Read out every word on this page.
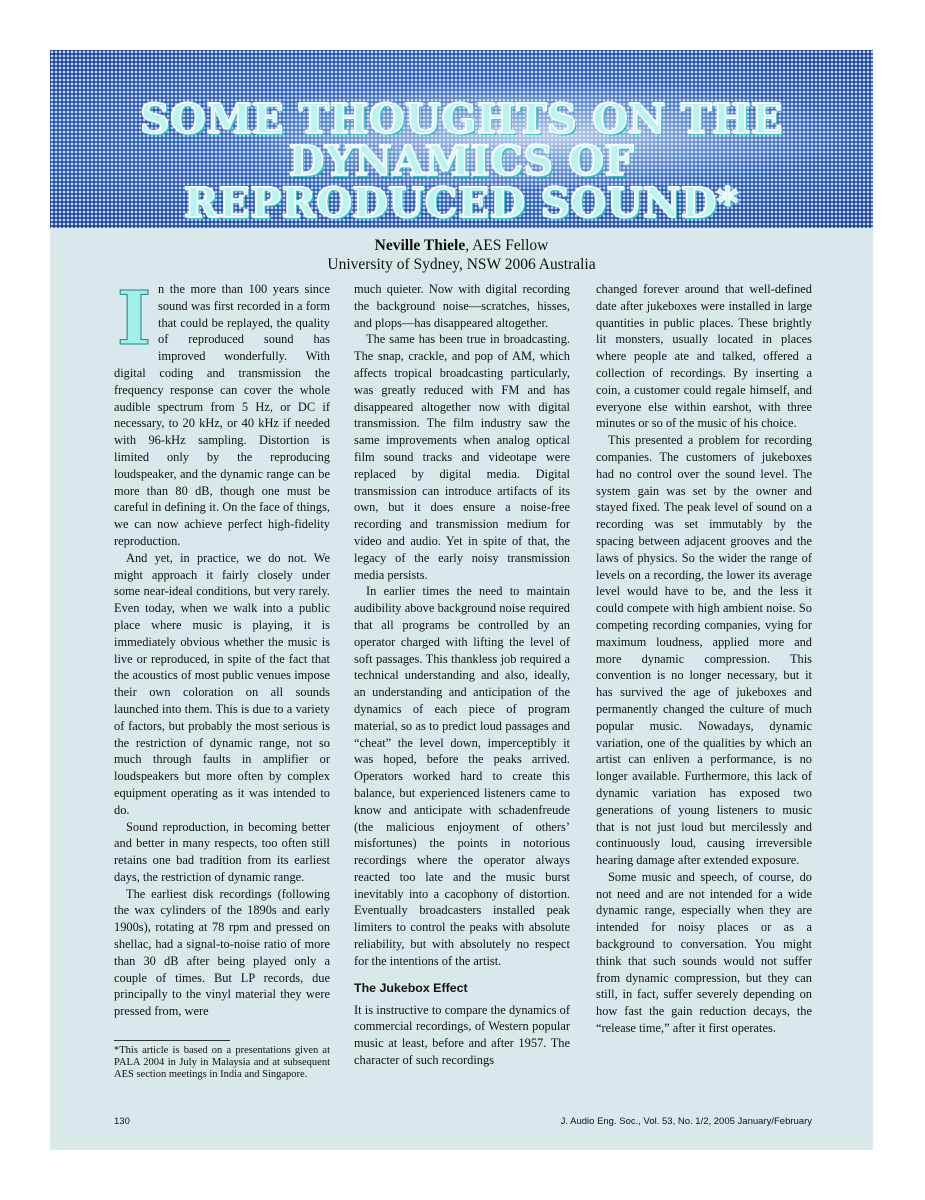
SOME THOUGHTS ON THE
DYNAMICS OF
REPRODUCED SOUND*
Neville Thiele, AES Fellow
University of Sydney, NSW 2006 Australia
I n the more than 100 years since sound was first recorded in a form that could be replayed, the quality of reproduced sound has improved wonderfully. With digital coding and transmission the frequency response can cover the whole audible spectrum from 5 Hz, or DC if necessary, to 20 kHz, or 40 kHz if needed with 96-kHz sampling. Distortion is limited only by the reproducing loudspeaker, and the dynamic range can be more than 80 dB, though one must be careful in defining it. On the face of things, we can now achieve perfect high-fidelity reproduction.

And yet, in practice, we do not. We might approach it fairly closely under some near-ideal conditions, but very rarely. Even today, when we walk into a public place where music is playing, it is immediately obvious whether the music is live or reproduced, in spite of the fact that the acoustics of most public venues impose their own coloration on all sounds launched into them. This is due to a variety of factors, but probably the most serious is the restriction of dynamic range, not so much through faults in amplifier or loudspeakers but more often by complex equipment operating as it was intended to do.

Sound reproduction, in becoming better and better in many respects, too often still retains one bad tradition from its earliest days, the restriction of dynamic range.

The earliest disk recordings (following the wax cylinders of the 1890s and early 1900s), rotating at 78 rpm and pressed on shellac, had a signal-to-noise ratio of more than 30 dB after being played only a couple of times. But LP records, due principally to the vinyl material they were pressed from, were

much quieter. Now with digital recording the background noise—scratches, hisses, and plops—has disappeared altogether.

The same has been true in broadcasting. The snap, crackle, and pop of AM, which affects tropical broadcasting particularly, was greatly reduced with FM and has disappeared altogether now with digital transmission. The film industry saw the same improvements when analog optical film sound tracks and videotape were replaced by digital media. Digital transmission can introduce artifacts of its own, but it does ensure a noise-free recording and transmission medium for video and audio. Yet in spite of that, the legacy of the early noisy transmission media persists.

In earlier times the need to maintain audibility above background noise required that all programs be controlled by an operator charged with lifting the level of soft passages. This thankless job required a technical understanding and also, ideally, an understanding and anticipation of the dynamics of each piece of program material, so as to predict loud passages and “cheat” the level down, imperceptibly it was hoped, before the peaks arrived. Operators worked hard to create this balance, but experienced listeners came to know and anticipate with schadenfreude (the malicious enjoyment of others’ misfortunes) the points in notorious recordings where the operator always reacted too late and the music burst inevitably into a cacophony of distortion. Eventually broadcasters installed peak limiters to control the peaks with absolute reliability, but with absolutely no respect for the intentions of the artist.

The Jukebox Effect

It is instructive to compare the dynamics of commercial recordings, of Western popular music at least, before and after 1957. The character of such recordings

changed forever around that well-defined date after jukeboxes were installed in large quantities in public places. These brightly lit monsters, usually located in places where people ate and talked, offered a collection of recordings. By inserting a coin, a customer could regale himself, and everyone else within earshot, with three minutes or so of the music of his choice.

This presented a problem for recording companies. The customers of jukeboxes had no control over the sound level. The system gain was set by the owner and stayed fixed. The peak level of sound on a recording was set immutably by the spacing between adjacent grooves and the laws of physics. So the wider the range of levels on a recording, the lower its average level would have to be, and the less it could compete with high ambient noise. So competing recording companies, vying for maximum loudness, applied more and more dynamic compression. This convention is no longer necessary, but it has survived the age of jukeboxes and permanently changed the culture of much popular music. Nowadays, dynamic variation, one of the qualities by which an artist can enliven a performance, is no longer available. Furthermore, this lack of dynamic variation has exposed two generations of young listeners to music that is not just loud but mercilessly and continuously loud, causing irreversible hearing damage after extended exposure.

Some music and speech, of course, do not need and are not intended for a wide dynamic range, especially when they are intended for noisy places or as a background to conversation. You might think that such sounds would not suffer from dynamic compression, but they can still, in fact, suffer severely depending on how fast the gain reduction decays, the “release time,” after it first operates.

*This article is based on a presentations given at PALA 2004 in July in Malaysia and at subsequent AES section meetings in India and Singapore.
130	J. Audio Eng. Soc., Vol. 53, No. 1/2, 2005 January/February
